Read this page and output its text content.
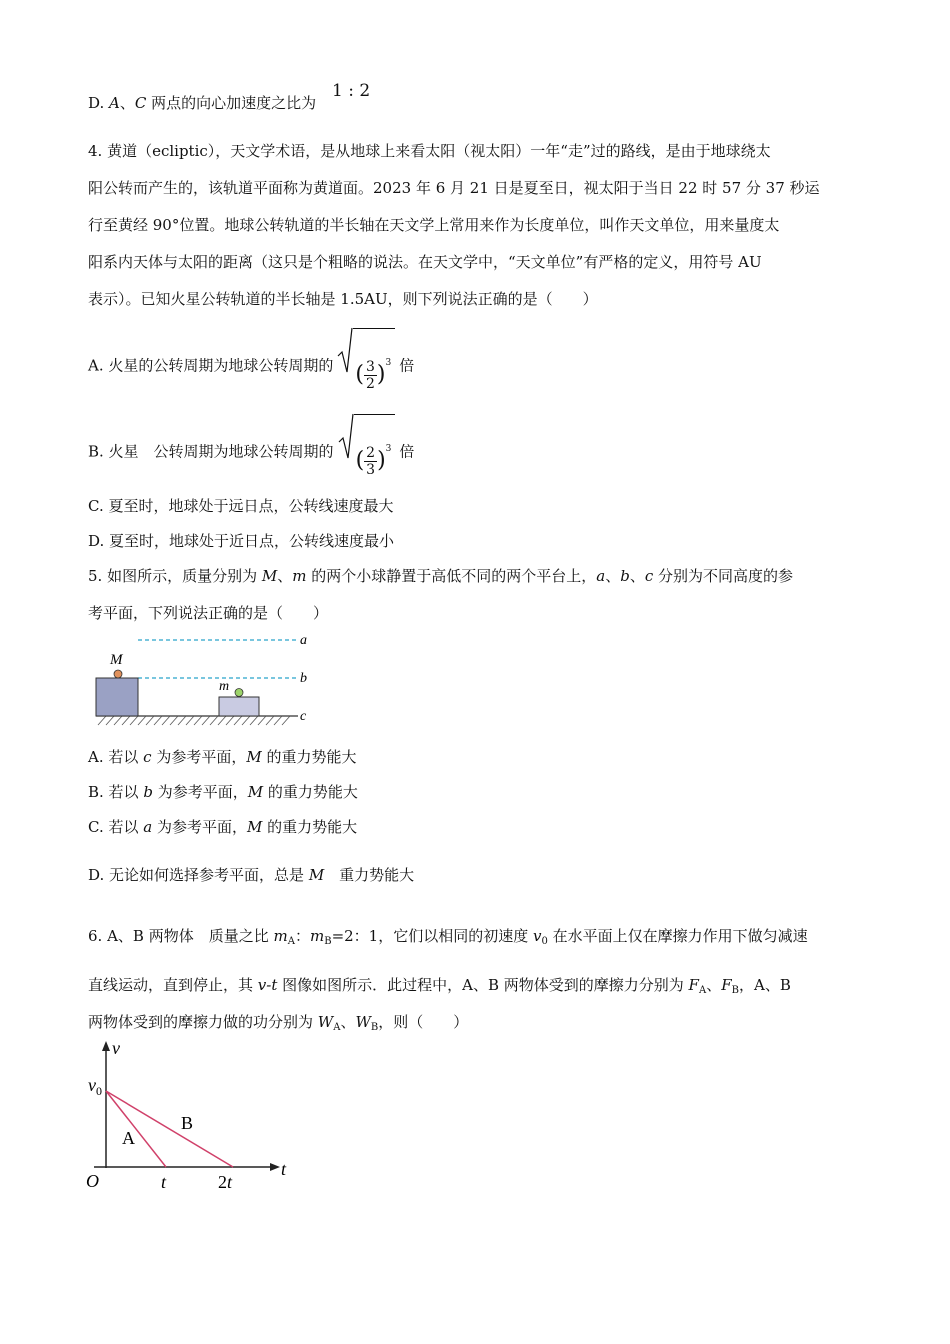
D. A、C 两点的向心加速度之比为
1 : 2
4. 黄道（ecliptic），天文学术语，是从地球上来看太阳（视太阳）一年“走”过的路线，是由于地球绕太
阳公转而产生的，该轨道平面称为黄道面。2023 年 6 月 21 日是夏至日，视太阳于当日 22 时 57 分 37 秒运
行至黄经 90°位置。地球公转轨道的半长轴在天文学上常用来作为长度单位，叫作天文单位，用来量度太
阳系内天体与太阳的距离（这只是个粗略的说法。在天文学中，“天文单位”有严格的定义，用符号 AU
表示）。已知火星公转轨道的半长轴是 1.5AU，则下列说法正确的是（　　）
A. 火星的公转周期为地球公转周期的 ( $\frac{3}{2} )^3$ 倍
B. 火星　公转周期为地球公转周期的 ( $\frac{2}{3} )^3$ 倍
C. 夏至时，地球处于远日点，公转线速度最大
D. 夏至时，地球处于近日点，公转线速度最小
5. 如图所示，质量分别为 M、m 的两个小球静置于高低不同的两个平台上，a、b、c 分别为不同高度的参
考平面，下列说法正确的是（　　）
M
m
a
b
c
A. 若以 c 为参考平面，M 的重力势能大
B. 若以 b 为参考平面，M 的重力势能大
C. 若以 a 为参考平面，M 的重力势能大
D. 无论如何选择参考平面，总是 M　重力势能大
6. A、B 两物体　质量之比 $m_A$：$m_B=2$：1，它们以相同的初速度 $v_0$ 在水平面上仅在摩擦力作用下做匀减速
直线运动，直到停止，其 v-t 图像如图所示．此过程中，A、B 两物体受到的摩擦力分别为 $F_A$、$F_B$，A、B
两物体受到的摩擦力做的功分别为 $W_A$、$W_B$，则（　　）
v
$v_0$
t
O	t	2t
A
B
